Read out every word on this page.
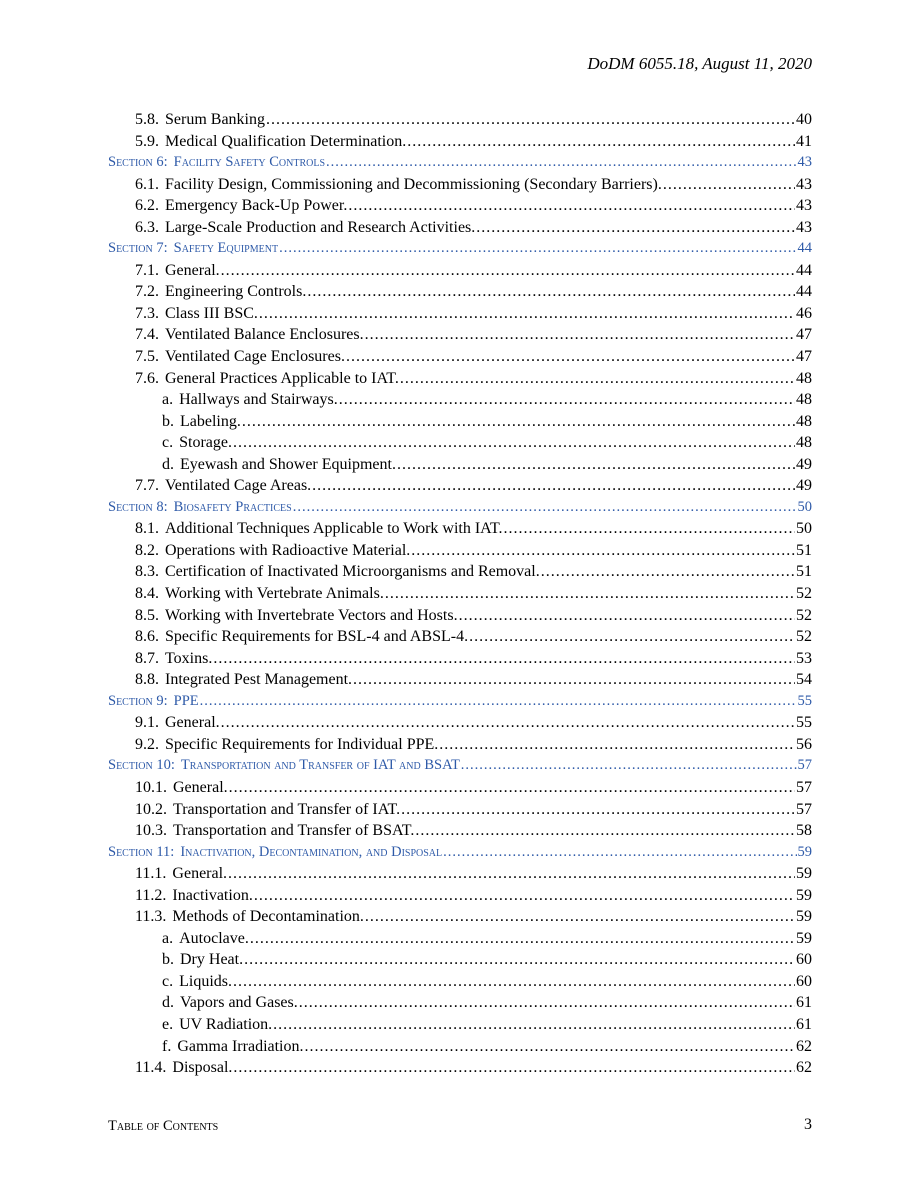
DoDM 6055.18, August 11, 2020
5.8. Serum Banking .....	40
5.9. Medical Qualification Determination. .....	41
Section 6: Facility Safety Controls .....	43
6.1. Facility Design, Commissioning and Decommissioning (Secondary Barriers). .....	43
6.2. Emergency Back-Up Power. .....	43
6.3. Large-Scale Production and Research Activities. .....	43
Section 7: Safety Equipment .....	44
7.1. General. .....	44
7.2. Engineering Controls. .....	44
7.3. Class III BSC. .....	46
7.4. Ventilated Balance Enclosures. .....	47
7.5. Ventilated Cage Enclosures. .....	47
7.6. General Practices Applicable to IAT. .....	48
a. Hallways and Stairways. .....	48
b. Labeling. .....	48
c. Storage. .....	48
d. Eyewash and Shower Equipment. .....	49
7.7. Ventilated Cage Areas. .....	49
Section 8: Biosafety Practices .....	50
8.1. Additional Techniques Applicable to Work with IAT. .....	50
8.2. Operations with Radioactive Material. .....	51
8.3. Certification of Inactivated Microorganisms and Removal. .....	51
8.4. Working with Vertebrate Animals. .....	52
8.5. Working with Invertebrate Vectors and Hosts. .....	52
8.6. Specific Requirements for BSL-4 and ABSL-4. .....	52
8.7. Toxins. .....	53
8.8. Integrated Pest Management. .....	54
Section 9: PPE .....	55
9.1. General. .....	55
9.2. Specific Requirements for Individual PPE. .....	56
Section 10: Transportation and Transfer of IAT and BSAT .....	57
10.1. General. .....	57
10.2. Transportation and Transfer of IAT. .....	57
10.3. Transportation and Transfer of BSAT. .....	58
Section 11: Inactivation, Decontamination, and Disposal .....	59
11.1. General. .....	59
11.2. Inactivation. .....	59
11.3. Methods of Decontamination. .....	59
a. Autoclave. .....	59
b. Dry Heat. .....	60
c. Liquids. .....	60
d. Vapors and Gases. .....	61
e. UV Radiation. .....	61
f. Gamma Irradiation. .....	62
11.4. Disposal. .....	62
Table of Contents	3
